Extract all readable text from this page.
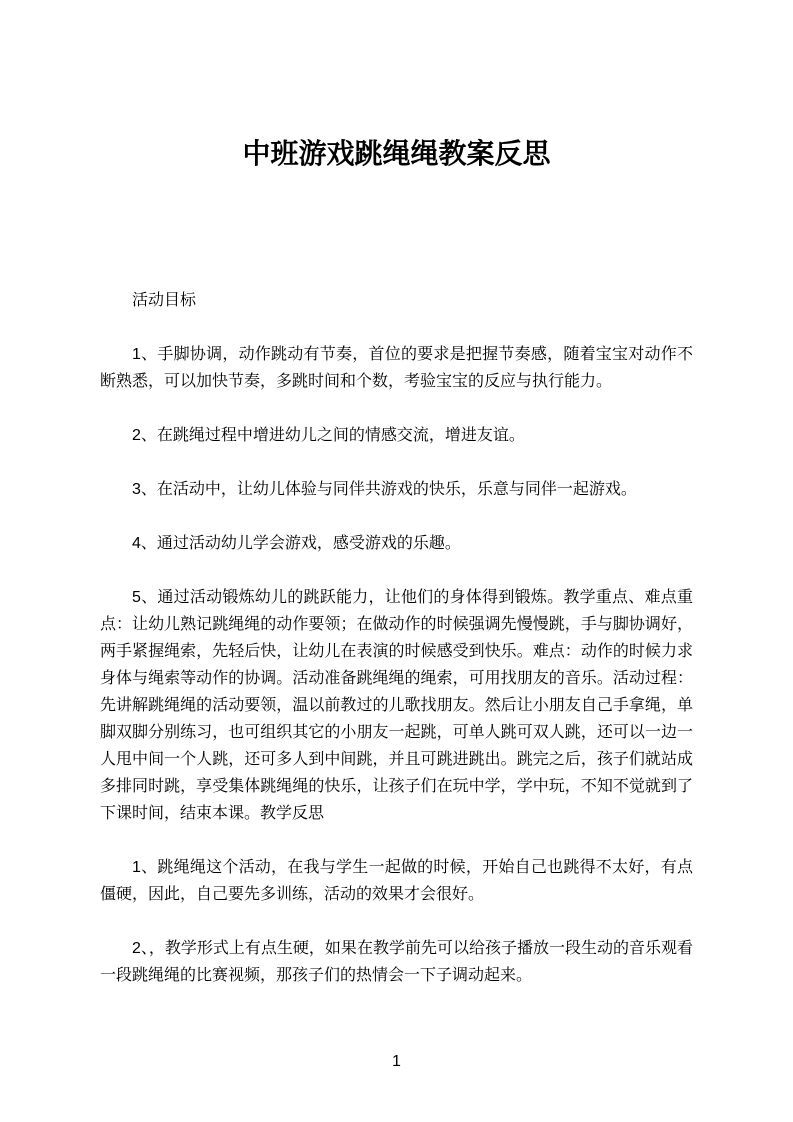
中班游戏跳绳绳教案反思

活动目标

1、手脚协调，动作跳动有节奏，首位的要求是把握节奏感，随着宝宝对动作不断熟悉，可以加快节奏，多跳时间和个数，考验宝宝的反应与执行能力。

2、在跳绳过程中增进幼儿之间的情感交流，增进友谊。

3、在活动中，让幼儿体验与同伴共游戏的快乐，乐意与同伴一起游戏。

4、通过活动幼儿学会游戏，感受游戏的乐趣。

5、通过活动锻炼幼儿的跳跃能力，让他们的身体得到锻炼。教学重点、难点重点：让幼儿熟记跳绳绳的动作要领；在做动作的时候强调先慢慢跳，手与脚协调好，两手紧握绳索，先轻后快，让幼儿在表演的时候感受到快乐。难点：动作的时候力求身体与绳索等动作的协调。活动准备跳绳绳的绳索，可用找朋友的音乐。活动过程：先讲解跳绳绳的活动要领，温以前教过的儿歌找朋友。然后让小朋友自己手拿绳，单脚双脚分别练习，也可组织其它的小朋友一起跳，可单人跳可双人跳，还可以一边一人甩中间一个人跳，还可多人到中间跳，并且可跳进跳出。跳完之后，孩子们就站成多排同时跳，享受集体跳绳绳的快乐，让孩子们在玩中学，学中玩，不知不觉就到了下课时间，结束本课。教学反思

1、跳绳绳这个活动，在我与学生一起做的时候，开始自己也跳得不太好，有点僵硬，因此，自己要先多训练，活动的效果才会很好。

2、，教学形式上有点生硬，如果在教学前先可以给孩子播放一段生动的音乐观看一段跳绳绳的比赛视频，那孩子们的热情会一下子调动起来。

1
